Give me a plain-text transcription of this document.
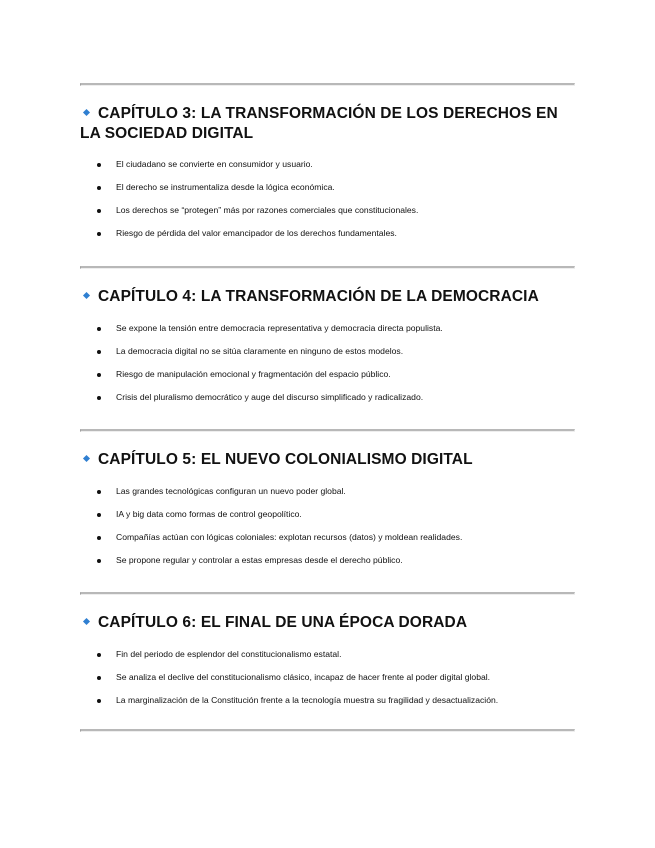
CAPÍTULO 3: LA TRANSFORMACIÓN DE LOS DERECHOS EN LA SOCIEDAD DIGITAL
El ciudadano se convierte en consumidor y usuario.
El derecho se instrumentaliza desde la lógica económica.
Los derechos se “protegen” más por razones comerciales que constitucionales.
Riesgo de pérdida del valor emancipador de los derechos fundamentales.
CAPÍTULO 4: LA TRANSFORMACIÓN DE LA DEMOCRACIA
Se expone la tensión entre democracia representativa y democracia directa populista.
La democracia digital no se sitúa claramente en ninguno de estos modelos.
Riesgo de manipulación emocional y fragmentación del espacio público.
Crisis del pluralismo democrático y auge del discurso simplificado y radicalizado.
CAPÍTULO 5: EL NUEVO COLONIALISMO DIGITAL
Las grandes tecnológicas configuran un nuevo poder global.
IA y big data como formas de control geopolítico.
Compañías actúan con lógicas coloniales: explotan recursos (datos) y moldean realidades.
Se propone regular y controlar a estas empresas desde el derecho público.
CAPÍTULO 6: EL FINAL DE UNA ÉPOCA DORADA
Fin del periodo de esplendor del constitucionalismo estatal.
Se analiza el declive del constitucionalismo clásico, incapaz de hacer frente al poder digital global.
La marginalización de la Constitución frente a la tecnología muestra su fragilidad y desactualización.
